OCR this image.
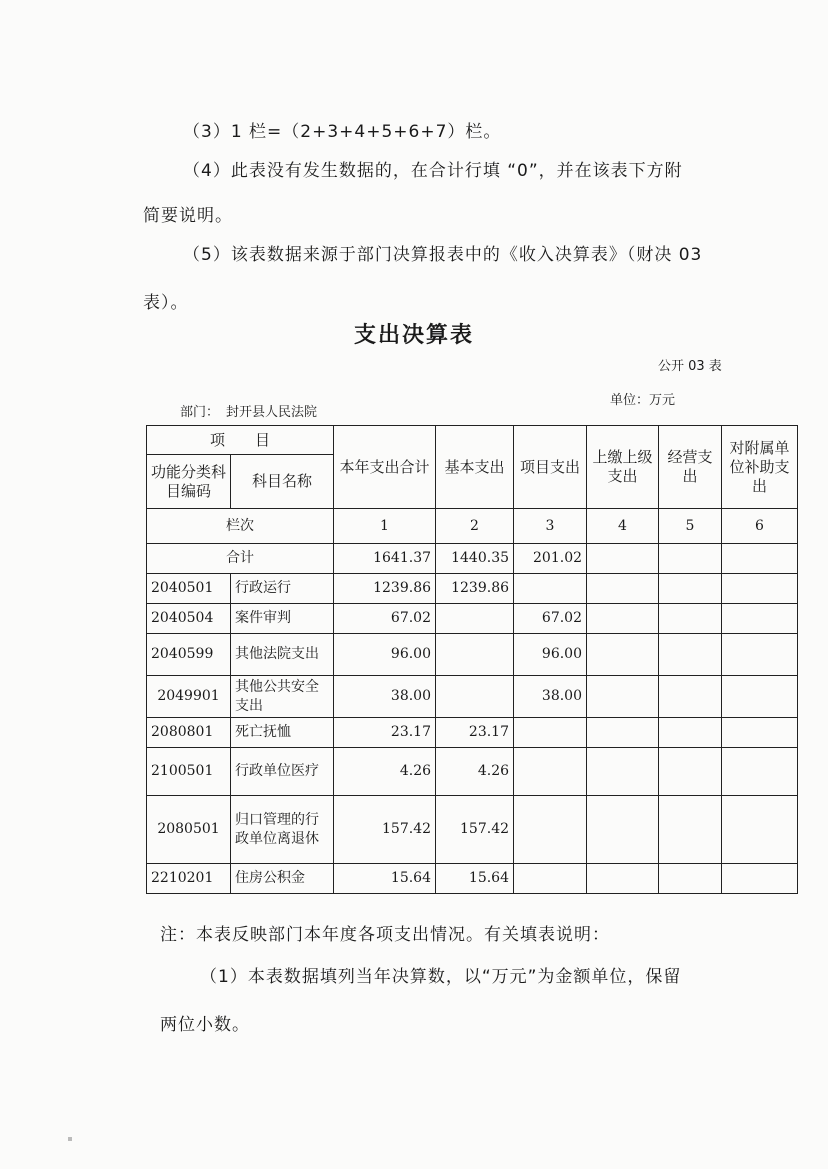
（3）1 栏=（2+3+4+5+6+7）栏。
（4）此表没有发生数据的，在合计行填 “0”，并在该表下方附
简要说明。
（5）该表数据来源于部门决算报表中的《收入决算表》（财决 03
表）。
支出决算表
公开 03 表
单位：万元
部门： 封开县人民法院
项　　目		本年支出合计	基本支出	项目支出	上缴上级支出	经营支出	对附属单位补助支出
功能分类科目编码	科目名称						
栏次		1	2	3	4	5	6
合计		1641.37	1440.35	201.02			
2040501	行政运行	1239.86	1239.86				
2040504	案件审判	67.02		67.02			
2040599	其他法院支出	96.00		96.00			
2049901	其他公共安全支出	38.00		38.00			
2080801	死亡抚恤	23.17	23.17				
2100501	行政单位医疗	4.26	4.26				
2080501	归口管理的行政单位离退休	157.42	157.42				
2210201	住房公积金	15.64	15.64				
注：本表反映部门本年度各项支出情况。有关填表说明：
（1）本表数据填列当年决算数，以“万元”为金额单位，保留
两位小数。
